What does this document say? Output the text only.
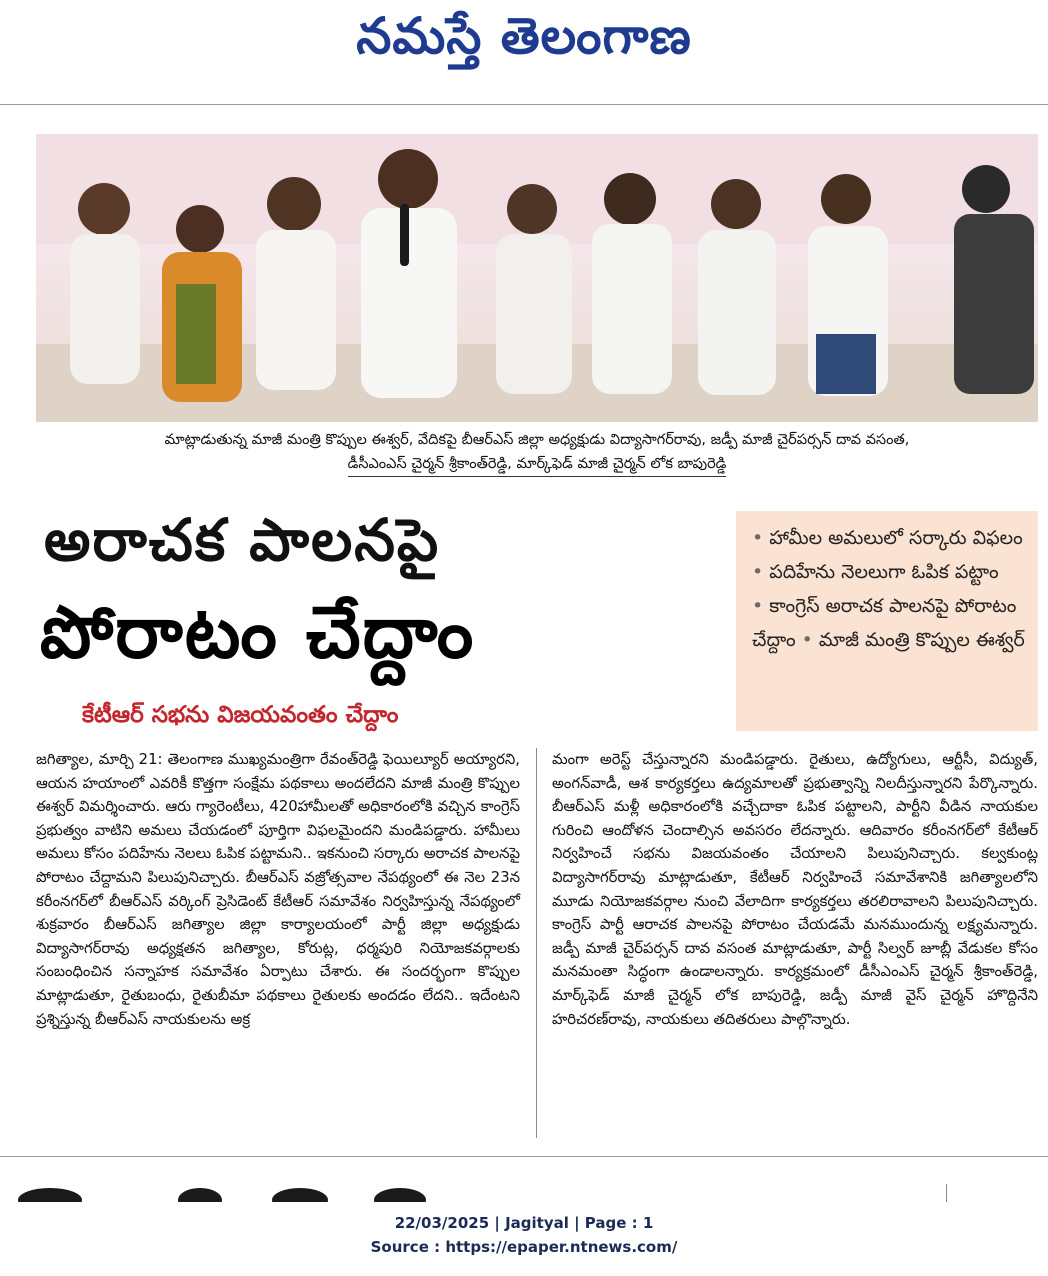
నమస్తే తెలంగాణ
మాట్లాడుతున్న మాజీ మంత్రి కొప్పుల ఈశ్వర్, వేదికపై బీఆర్ఎస్ జిల్లా అధ్యక్షుడు విద్యాసాగర్‌రావు, జడ్పీ మాజీ చైర్‌పర్సన్ దావ వసంత,
డీసీఎంఎస్ చైర్మన్ శ్రీకాంత్‌రెడ్డి, మార్క్‌ఫెడ్ మాజీ చైర్మన్ లోక బాపురెడ్డి
అరాచక పాలనపై
పోరాటం చేద్దాం
కేటీఆర్ సభను విజయవంతం చేద్దాం

• హామీల అమలులో సర్కారు విఫలం • పదిహేను నెలలుగా ఓపిక పట్టాం

• కాంగ్రెస్ అరాచక పాలనపై పోరాటం చేద్దాం • మాజీ మంత్రి కొప్పుల ఈశ్వర్

జగిత్యాల, మార్చి 21: తెలంగాణ ముఖ్యమంత్రిగా రేవంత్‌రెడ్డి ఫెయిల్యూర్ అయ్యారని, ఆయన హయాంలో ఎవరికీ కొత్తగా సంక్షేమ పథకాలు అందలేదని మాజీ మంత్రి కొప్పుల ఈశ్వర్ విమర్శించారు. ఆరు గ్యారెంటీలు, 420హామీలతో అధికారంలోకి వచ్చిన కాంగ్రెస్ ప్రభుత్వం వాటిని అమలు చేయడంలో పూర్తిగా విఫలమైందని మండిపడ్డారు. హామీలు అమలు కోసం పదిహేను నెలలు ఓపిక పట్టామని.. ఇకనుంచి సర్కారు అరాచక పాలనపై పోరాటం చేద్దామని పిలుపునిచ్చారు. బీఆర్ఎస్ వజ్రోత్సవాల నేపథ్యంలో ఈ నెల 23న కరీంనగర్‌లో బీఆర్ఎస్ వర్కింగ్ ప్రెసిడెంట్ కేటీఆర్ సమావేశం నిర్వహిస్తున్న నేపథ్యంలో శుక్రవారం బీఆర్ఎస్ జగిత్యాల జిల్లా కార్యాలయంలో పార్టీ జిల్లా అధ్యక్షుడు విద్యాసాగర్‌రావు అధ్యక్షతన జగిత్యాల, కోరుట్ల, ధర్మపురి నియోజకవర్గాలకు సంబంధించిన సన్నాహక సమావేశం ఏర్పాటు చేశారు. ఈ సందర్భంగా కొప్పుల మాట్లాడుతూ, రైతుబంధు, రైతుబీమా పథకాలు రైతులకు అందడం లేదని.. ఇదేంటని ప్రశ్నిస్తున్న బీఆర్ఎస్ నాయకులను అక్ర
మంగా అరెస్ట్ చేస్తున్నారని మండిపడ్డారు. రైతులు, ఉద్యోగులు, ఆర్టీసీ, విద్యుత్, అంగన్‌వాడీ, ఆశ కార్యకర్తలు ఉద్యమాలతో ప్రభుత్వాన్ని నిలదీస్తున్నారని పేర్కొన్నారు. బీఆర్ఎస్ మళ్లీ అధికారంలోకి వచ్చేదాకా ఓపిక పట్టాలని, పార్టీని వీడిన నాయకుల గురించి ఆందోళన చెందాల్సిన అవసరం లేదన్నారు. ఆదివారం కరీంనగర్‌లో కేటీఆర్ నిర్వహించే సభను విజయవంతం చేయాలని పిలుపునిచ్చారు. కల్వకుంట్ల విద్యాసాగర్‌రావు మాట్లాడుతూ, కేటీఆర్ నిర్వహించే సమావేశానికి జగిత్యాలలోని మూడు నియోజకవర్గాల నుంచి వేలాదిగా కార్యకర్తలు తరలిరావాలని పిలుపునిచ్చారు. కాంగ్రెస్ పార్టీ ఆరాచక పాలనపై పోరాటం చేయడమే మనముందున్న లక్ష్యమన్నారు. జడ్పీ మాజీ చైర్‌పర్సన్ దావ వసంత మాట్లాడుతూ, పార్టీ సిల్వర్ జూబ్లీ వేడుకల కోసం మనమంతా సిద్ధంగా ఉండాలన్నారు. కార్యక్రమంలో డీసీఎంఎస్ చైర్మన్ శ్రీకాంత్‌రెడ్డి, మార్క్‌ఫెడ్ మాజీ చైర్మన్ లోక బాపురెడ్డి, జడ్పీ మాజీ వైస్ చైర్మన్ హొద్దినేని హరిచరణ్‌రావు, నాయకులు తదితరులు పాల్గొన్నారు.
22/03/2025 | Jagityal | Page : 1
Source : https://epaper.ntnews.com/
